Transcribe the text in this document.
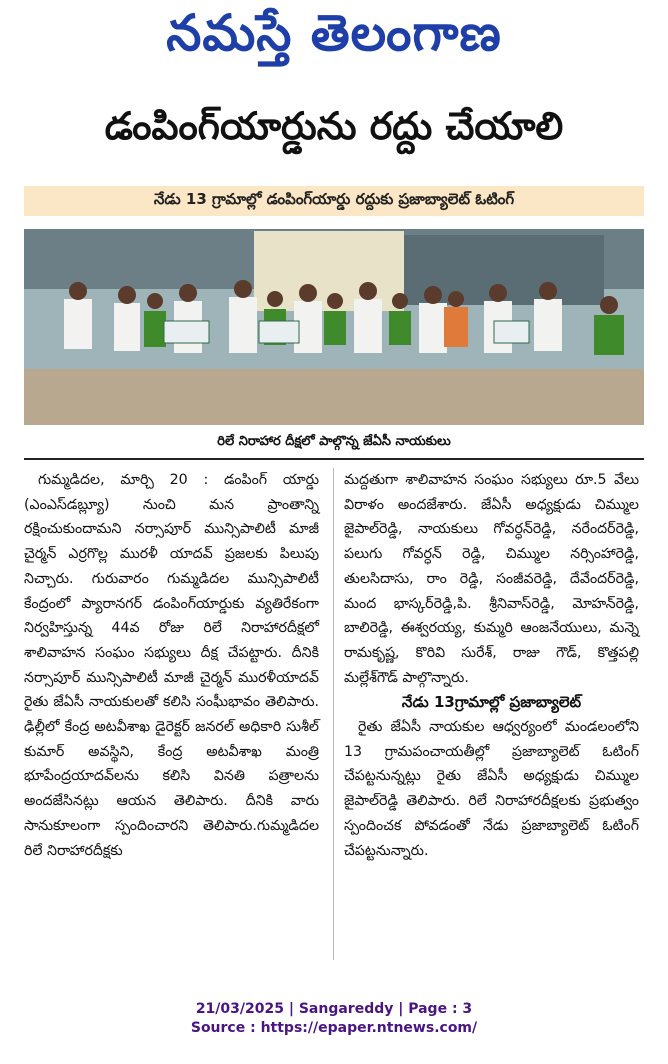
నమస్తే తెలంగాణ
డంపింగ్‌యార్డును రద్దు చేయాలి
నేడు 13 గ్రామాల్లో డంపింగ్‌యార్డు రద్దుకు ప్రజాబ్యాలెట్ ఓటింగ్
రిలే నిరాహార దీక్షలో పాల్గొన్న జేఏసీ నాయకులు

గుమ్మడిదల, మార్చి 20 : డంపింగ్ యార్డు (ఎంఎస్‌డబ్ల్యూ) నుంచి మన ప్రాంతాన్ని రక్షించుకుందామని నర్సాపూర్ మున్సిపాలిటీ మాజీ చైర్మన్ ఎర్రగొల్ల మురళీ యాదవ్ ప్రజలకు పిలుపు నిచ్చారు. గురువారం గుమ్మడిదల మున్సిపాలిటీ కేంద్రంలో ప్యారానగర్ డంపింగ్‌యార్డుకు వ్యతిరేకంగా నిర్వహిస్తున్న 44వ రోజు రిలే నిరాహారదీక్షలో శాలివాహన సంఘం సభ్యులు దీక్ష చేపట్టారు. దీనికి నర్సాపూర్ మున్సిపాలిటీ మాజీ చైర్మన్ మురళీయాదవ్ రైతు జేఏసీ నాయకులతో కలిసి సంఘీభావం తెలిపారు. ఢిల్లీలో కేంద్ర అటవీశాఖ డైరెక్టర్ జనరల్ అధికారి సుశీల్ కుమార్ అవస్థిని, కేంద్ర అటవీశాఖ మంత్రి భూపేంద్రయాదవ్‌లను కలిసి వినతి పత్రాలను అందజేసినట్లు ఆయన తెలిపారు. దీనికి వారు సానుకూలంగా స్పందించారని తెలిపారు.గుమ్మడిదల రిలే నిరాహారదీక్షకు

మద్దతుగా శాలివాహన సంఘం సభ్యులు రూ.5 వేలు విరాళం అందజేశారు. జేఏసీ అధ్యక్షుడు చిమ్ముల జైపాల్‌రెడ్డి, నాయకులు గోవర్ధన్‌రెడ్డి, నరేందర్‌రెడ్డి, పలుగు గోవర్ధన్ రెడ్డి, చిమ్ముల నర్సింహారెడ్డి, తులసిదాసు, రాం రెడ్డి, సంజీవరెడ్డి, దేవేందర్‌రెడ్డి, మంద భాస్కర్‌రెడ్డి,పి. శ్రీనివాస్‌రెడ్డి, మోహన్‌రెడ్డి, బాలిరెడ్డి, ఈశ్వరయ్య, కుమ్మరి ఆంజనేయులు, మన్నె రామకృష్ణ, కొరివి సురేశ్, రాజు గౌడ్, కొత్తపల్లి మల్లేశ్‌గౌడ్ పాల్గొన్నారు.

నేడు 13గ్రామాల్లో ప్రజాబ్యాలెట్

రైతు జేఏసీ నాయకుల ఆధ్వర్యంలో మండలంలోని 13 గ్రామపంచాయతీల్లో ప్రజాబ్యాలెట్ ఓటింగ్ చేపట్టనున్నట్లు రైతు జేఏసీ అధ్యక్షుడు చిమ్ముల జైపాల్‌రెడ్డి తెలిపారు. రిలే నిరాహారదీక్షలకు ప్రభుత్వం స్పందించక పోవడంతో నేడు ప్రజాబ్యాలెట్ ఓటింగ్ చేపట్టనున్నారు.

21/03/2025 | Sangareddy | Page : 3
Source : https://epaper.ntnews.com/
